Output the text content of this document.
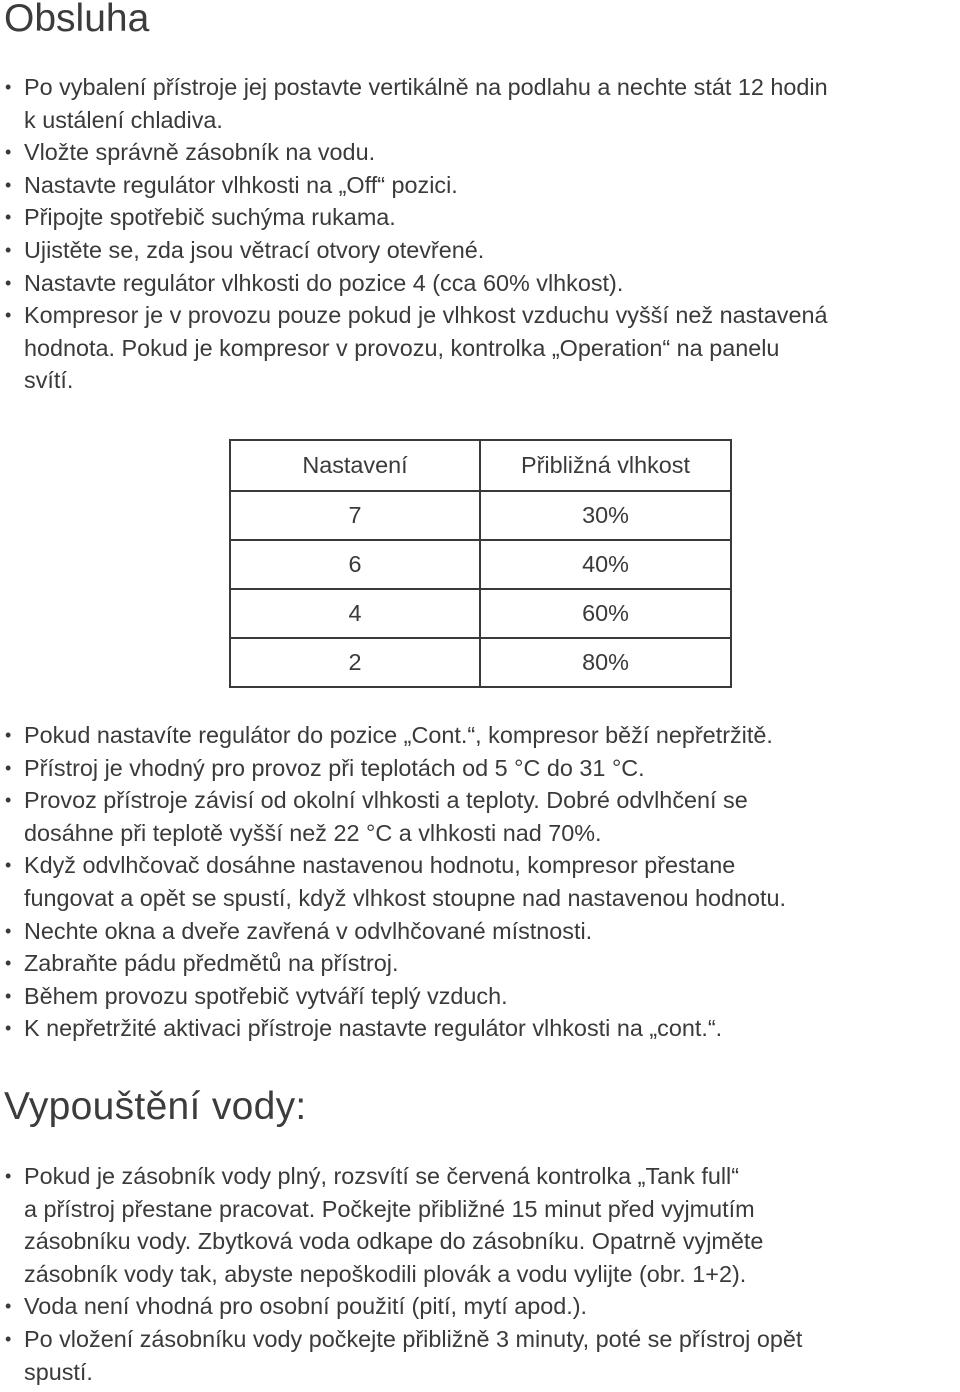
Obsluha
• Po vybalení přístroje jej postavte vertikálně na podlahu a nechte stát 12 hodin
k ustálení chladiva.
• Vložte správně zásobník na vodu.
• Nastavte regulátor vlhkosti na „Off“ pozici.
• Připojte spotřebič suchýma rukama.
• Ujistěte se, zda jsou větrací otvory otevřené.
• Nastavte regulátor vlhkosti do pozice 4 (cca 60% vlhkost).
• Kompresor je v provozu pouze pokud je vlhkost vzduchu vyšší než nastavená
hodnota. Pokud je kompresor v provozu, kontrolka „Operation“ na panelu
svítí.
Nastavení	Přibližná vlhkost
7	30%
6	40%
4	60%
2	80%
• Pokud nastavíte regulátor do pozice „Cont.“, kompresor běží nepřetržitě.
• Přístroj je vhodný pro provoz při teplotách od 5 °C do 31 °C.
• Provoz přístroje závisí od okolní vlhkosti a teploty. Dobré odvlhčení se
dosáhne při teplotě vyšší než 22 °C a vlhkosti nad 70%.
• Když odvlhčovač dosáhne nastavenou hodnotu, kompresor přestane
fungovat a opět se spustí, když vlhkost stoupne nad nastavenou hodnotu.
• Nechte okna a dveře zavřená v odvlhčované místnosti.
• Zabraňte pádu předmětů na přístroj.
• Během provozu spotřebič vytváří teplý vzduch.
• K nepřetržité aktivaci přístroje nastavte regulátor vlhkosti na „cont.“.
Vypouštění vody:
• Pokud je zásobník vody plný, rozsvítí se červená kontrolka „Tank full“
a přístroj přestane pracovat. Počkejte přibližné 15 minut před vyjmutím
zásobníku vody. Zbytková voda odkape do zásobníku. Opatrně vyjměte
zásobník vody tak, abyste nepoškodili plovák a vodu vylijte (obr. 1+2).
• Voda není vhodná pro osobní použití (pití, mytí apod.).
• Po vložení zásobníku vody počkejte přibližně 3 minuty, poté se přístroj opět
spustí.
